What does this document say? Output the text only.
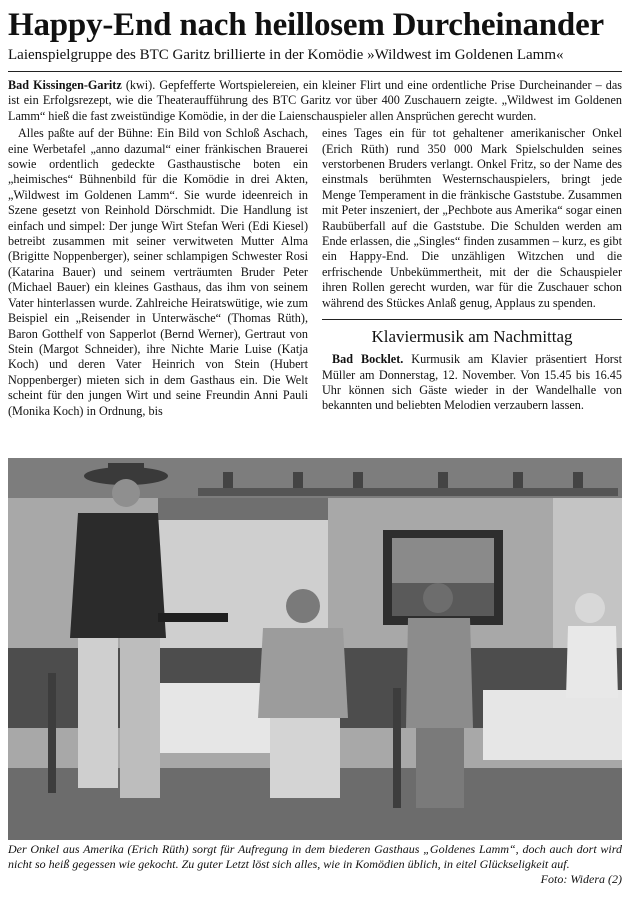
Happy-End nach heillosem Durcheinander
Laienspielgruppe des BTC Garitz brillierte in der Komödie »Wildwest im Goldenen Lamm«

Bad Kissingen-Garitz (kwi). Gepfefferte Wortspielereien, ein kleiner Flirt und eine ordentliche Prise Durcheinander – das ist ein Erfolgsrezept, wie die Theateraufführung des BTC Garitz vor über 400 Zuschauern zeigte. „Wildwest im Goldenen Lamm“ hieß die fast zweistündige Komödie, in der die Laienschauspieler allen Ansprüchen gerecht wurden.

Alles paßte auf der Bühne: Ein Bild von Schloß Aschach, eine Werbetafel „anno dazumal“ einer fränkischen Brauerei sowie ordentlich gedeckte Gasthaustische boten ein „heimisches“ Bühnenbild für die Komödie in drei Akten, „Wildwest im Goldenen Lamm“. Sie wurde ideenreich in Szene gesetzt von Reinhold Dörschmidt. Die Handlung ist einfach und simpel: Der junge Wirt Stefan Weri (Edi Kiesel) betreibt zusammen mit seiner verwitweten Mutter Alma (Brigitte Noppenberger), seiner schlampigen Schwester Rosi (Katarina Bauer) und seinem verträumten Bruder Peter (Michael Bauer) ein kleines Gasthaus, das ihm von seinem Vater hinterlassen wurde. Zahlreiche Heiratswütige, wie zum Beispiel ein „Reisender in Unterwäsche“ (Thomas Rüth), Baron Gotthelf von Sapperlot (Bernd Werner), Gertraut von Stein (Margot Schneider), ihre Nichte Marie Luise (Katja Koch) und deren Vater Heinrich von Stein (Hubert Noppenberger) mieten sich in dem Gasthaus ein. Die Welt scheint für den jungen Wirt und seine Freundin Anni Pauli (Monika Koch) in Ordnung, bis

eines Tages ein für tot gehaltener amerikanischer Onkel (Erich Rüth) rund 350 000 Mark Spielschulden seines verstorbenen Bruders verlangt. Onkel Fritz, so der Name des einstmals berühmten Westernschauspielers, bringt jede Menge Temperament in die fränkische Gaststube. Zusammen mit Peter inszeniert, der „Pechbote aus Amerika“ sogar einen Raubüberfall auf die Gaststube. Die Schulden werden am Ende erlassen, die „Singles“ finden zusammen – kurz, es gibt ein Happy-End. Die unzähligen Witzchen und die erfrischende Unbekümmertheit, mit der die Schauspieler ihren Rollen gerecht wurden, war für die Zuschauer schon während des Stückes Anlaß genug, Applaus zu spenden.

Klaviermusik am Nachmittag

Bad Bocklet. Kurmusik am Klavier präsentiert Horst Müller am Donnerstag, 12. November. Von 15.45 bis 16.45 Uhr können sich Gäste wieder in der Wandelhalle von bekannten und beliebten Melodien verzaubern lassen.

Der Onkel aus Amerika (Erich Rüth) sorgt für Aufregung in dem biederen Gasthaus „Goldenes Lamm“, doch auch dort wird nicht so heiß gegessen wie gekocht. Zu guter Letzt löst sich alles, wie in Komödien üblich, in eitel Glückseligkeit auf.
Foto: Widera (2)
